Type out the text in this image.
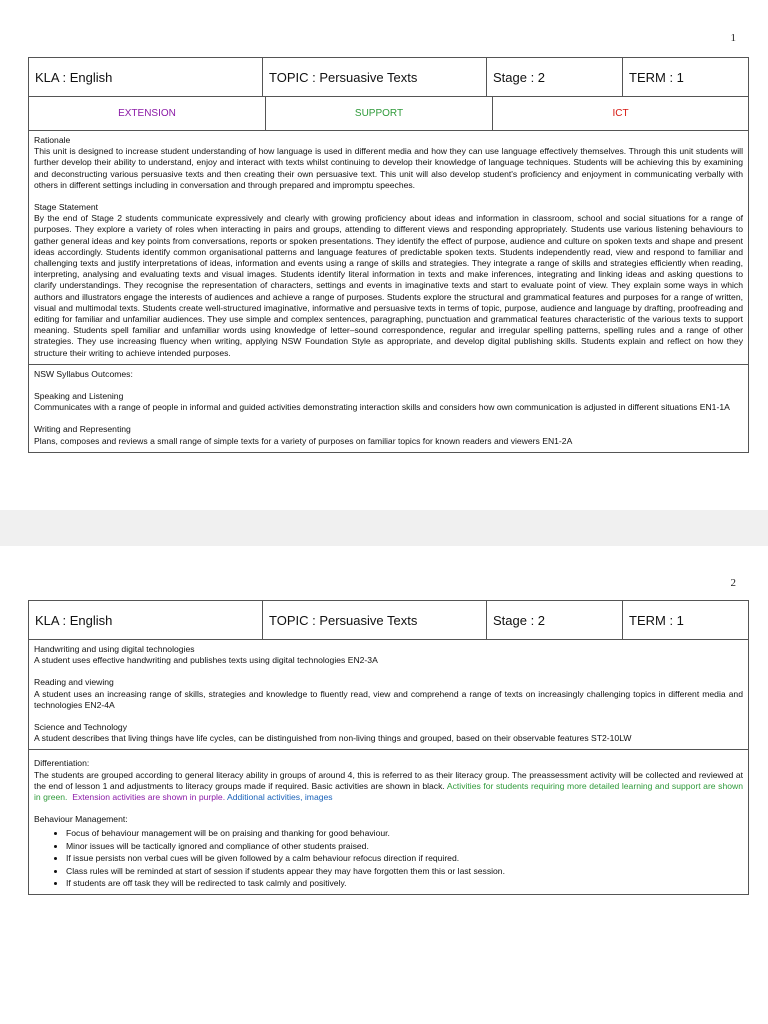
1
KLA : English	TOPIC : Persuasive Texts	Stage : 2	TERM : 1
EXTENSION	SUPPORT	ICT
Rationale

This unit is designed to increase student understanding of how language is used in different media and how they can use language effectively themselves. Through this unit students will further develop their ability to understand, enjoy and interact with texts whilst continuing to develop their knowledge of language techniques. Students will be achieving this by examining and deconstructing various persuasive texts and then creating their own persuasive text. This unit will also develop student's proficiency and enjoyment in communicating verbally with others in different settings including in conversation and through prepared and impromptu speeches.

Stage Statement

By the end of Stage 2 students communicate expressively and clearly with growing proficiency about ideas and information in classroom, school and social situations for a range of purposes. They explore a variety of roles when interacting in pairs and groups, attending to different views and responding appropriately. Students use various listening behaviours to gather general ideas and key points from conversations, reports or spoken presentations. They identify the effect of purpose, audience and culture on spoken texts and shape and present ideas accordingly. Students identify common organisational patterns and language features of predictable spoken texts. Students independently read, view and respond to familiar and challenging texts and justify interpretations of ideas, information and events using a range of skills and strategies. They integrate a range of skills and strategies efficiently when reading, interpreting, analysing and evaluating texts and visual images. Students identify literal information in texts and make inferences, integrating and linking ideas and asking questions to clarify understandings. They recognise the representation of characters, settings and events in imaginative texts and start to evaluate point of view. They explain some ways in which authors and illustrators engage the interests of audiences and achieve a range of purposes. Students explore the structural and grammatical features and purposes for a range of written, visual and multimodal texts. Students create well-structured imaginative, informative and persuasive texts in terms of topic, purpose, audience and language by drafting, proofreading and editing for familiar and unfamiliar audiences. They use simple and complex sentences, paragraphing, punctuation and grammatical features characteristic of the various texts to support meaning. Students spell familiar and unfamiliar words using knowledge of letter–sound correspondence, regular and irregular spelling patterns, spelling rules and a range of other strategies. They use increasing fluency when writing, applying NSW Foundation Style as appropriate, and develop digital publishing skills. Students explain and reflect on how they structure their writing to achieve intended purposes.

NSW Syllabus Outcomes:
Speaking and Listening

Communicates with a range of people in informal and guided activities demonstrating interaction skills and considers how own communication is adjusted in different situations EN1-1A

Writing and Representing

Plans, composes and reviews a small range of simple texts for a variety of purposes on familiar topics for known readers and viewers EN1-2A

2
KLA : English	TOPIC : Persuasive Texts	Stage : 2	TERM : 1
Handwriting and using digital technologies

A student uses effective handwriting and publishes texts using digital technologies EN2-3A

Reading and viewing

A student uses an increasing range of skills, strategies and knowledge to fluently read, view and comprehend a range of texts on increasingly challenging topics in different media and technologies EN2-4A

Science and Technology

A student describes that living things have life cycles, can be distinguished from non-living things and grouped, based on their observable features ST2-10LW

Differentiation:

The students are grouped according to general literacy ability in groups of around 4, this is referred to as their literacy group. The preassessment activity will be collected and reviewed at the end of lesson 1 and adjustments to literacy groups made if required. Basic activities are shown in black. Activities for students requiring more detailed learning and support are shown in green. Extension activities are shown in purple. Additional activities, images

Behaviour Management:
• Focus of behaviour management will be on praising and thanking for good behaviour.
• Minor issues will be tactically ignored and compliance of other students praised.
• If issue persists non verbal cues will be given followed by a calm behaviour refocus direction if required.
• Class rules will be reminded at start of session if students appear they may have forgotten them this or last session.
• If students are off task they will be redirected to task calmly and positively.
